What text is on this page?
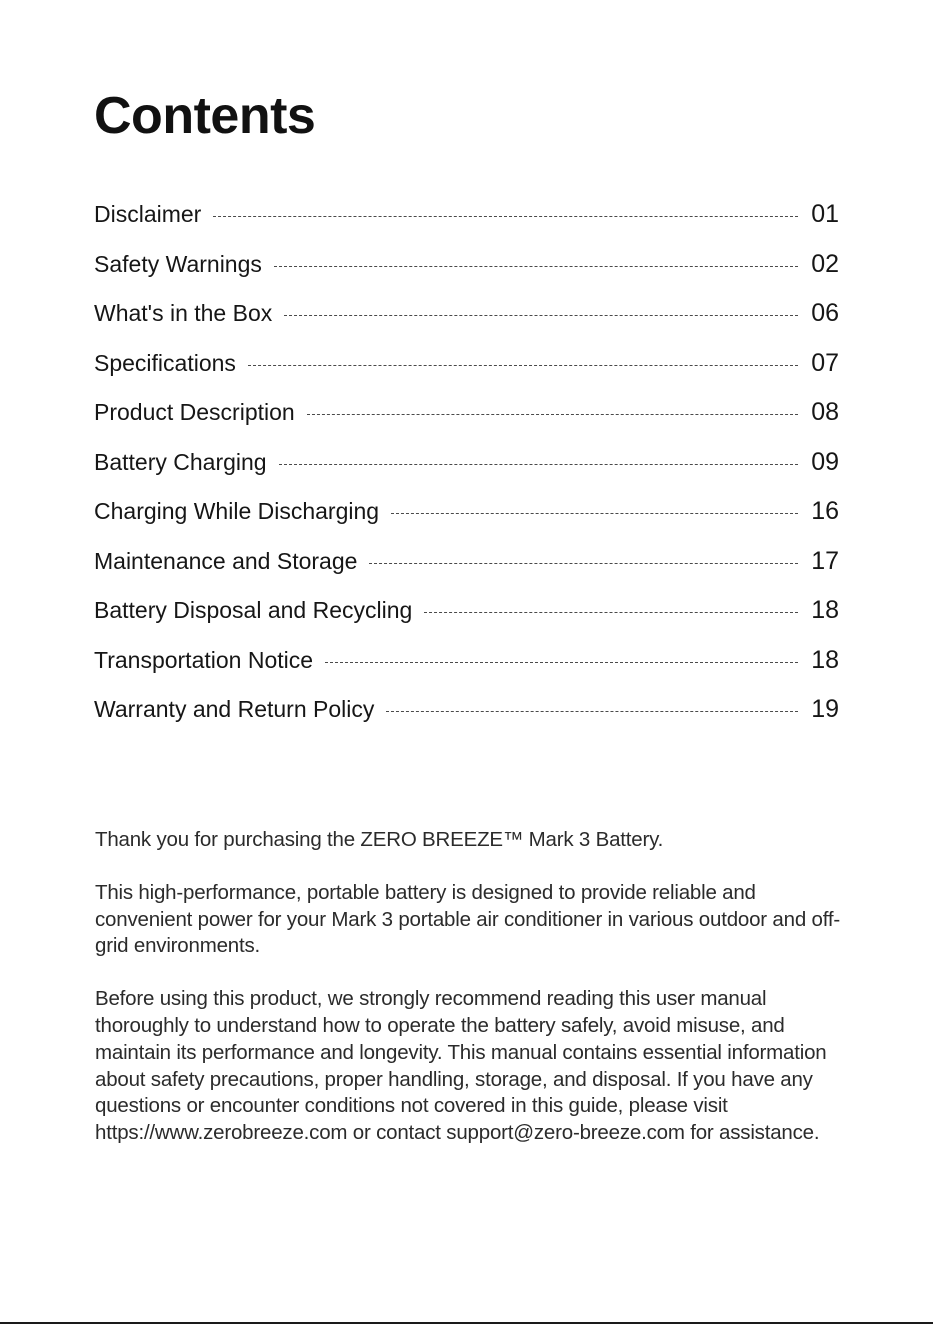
Contents
Disclaimer	01
Safety Warnings	02
What's in the Box	06
Specifications	07
Product Description	08
Battery Charging	09
Charging While Discharging	16
Maintenance and Storage	17
Battery Disposal and Recycling	18
Transportation Notice	18
Warranty and Return Policy	19

Thank you for purchasing the ZERO BREEZE™ Mark 3 Battery.

This high-performance, portable battery is designed to provide reliable and convenient power for your Mark 3 portable air conditioner in various outdoor and off-grid environments.

Before using this product, we strongly recommend reading this user manual thoroughly to understand how to operate the battery safely, avoid misuse, and maintain its performance and longevity. This manual contains essential information about safety precautions, proper handling, storage, and disposal. If you have any questions or encounter conditions not covered in this guide, please visit https://www.zerobreeze.com or contact support@zero-breeze.com for assistance.
